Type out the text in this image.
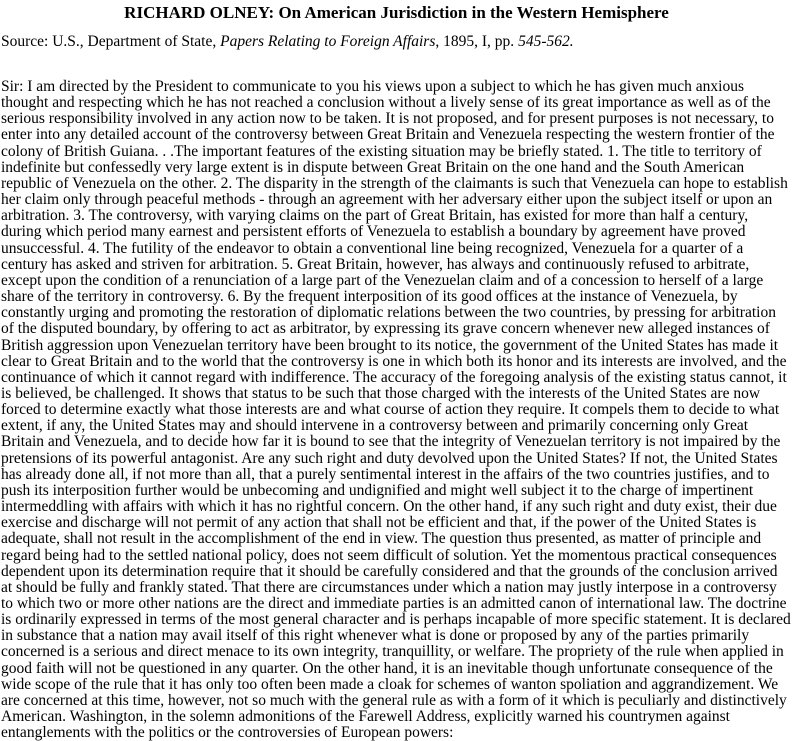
RICHARD OLNEY: On American Jurisdiction in the Western Hemisphere

Source: U.S., Department of State, Papers Relating to Foreign Affairs, 1895, I, pp. 545-562.

Sir: I am directed by the President to communicate to you his views upon a subject to which he has given much anxious thought and respecting which he has not reached a conclusion without a lively sense of its great importance as well as of the serious responsibility involved in any action now to be taken. It is not proposed, and for present purposes is not necessary, to enter into any detailed account of the controversy between Great Britain and Venezuela respecting the western frontier of the colony of British Guiana. . .The important features of the existing situation may be briefly stated. 1. The title to territory of indefinite but confessedly very large extent is in dispute between Great Britain on the one hand and the South American republic of Venezuela on the other. 2. The disparity in the strength of the claimants is such that Venezuela can hope to establish her claim only through peaceful methods - through an agreement with her adversary either upon the subject itself or upon an arbitration. 3. The controversy, with varying claims on the part of Great Britain, has existed for more than half a century, during which period many earnest and persistent efforts of Venezuela to establish a boundary by agreement have proved unsuccessful. 4. The futility of the endeavor to obtain a conventional line being recognized, Venezuela for a quarter of a century has asked and striven for arbitration. 5. Great Britain, however, has always and continuously refused to arbitrate, except upon the condition of a renunciation of a large part of the Venezuelan claim and of a concession to herself of a large share of the territory in controversy. 6. By the frequent interposition of its good offices at the instance of Venezuela, by constantly urging and promoting the restoration of diplomatic relations between the two countries, by pressing for arbitration of the disputed boundary, by offering to act as arbitrator, by expressing its grave concern whenever new alleged instances of British aggression upon Venezuelan territory have been brought to its notice, the government of the United States has made it clear to Great Britain and to the world that the controversy is one in which both its honor and its interests are involved, and the continuance of which it cannot regard with indifference. The accuracy of the foregoing analysis of the existing status cannot, it is believed, be challenged. It shows that status to be such that those charged with the interests of the United States are now forced to determine exactly what those interests are and what course of action they require. It compels them to decide to what extent, if any, the United States may and should intervene in a controversy between and primarily concerning only Great Britain and Venezuela, and to decide how far it is bound to see that the integrity of Venezuelan territory is not impaired by the pretensions of its powerful antagonist. Are any such right and duty devolved upon the United States? If not, the United States has already done all, if not more than all, that a purely sentimental interest in the affairs of the two countries justifies, and to push its interposition further would be unbecoming and undignified and might well subject it to the charge of impertinent intermeddling with affairs with which it has no rightful concern. On the other hand, if any such right and duty exist, their due exercise and discharge will not permit of any action that shall not be efficient and that, if the power of the United States is adequate, shall not result in the accomplishment of the end in view. The question thus presented, as matter of principle and regard being had to the settled national policy, does not seem difficult of solution. Yet the momentous practical consequences dependent upon its determination require that it should be carefully considered and that the grounds of the conclusion arrived at should be fully and frankly stated. That there are circumstances under which a nation may justly interpose in a controversy to which two or more other nations are the direct and immediate parties is an admitted canon of international law. The doctrine is ordinarily expressed in terms of the most general character and is perhaps incapable of more specific statement. It is declared in substance that a nation may avail itself of this right whenever what is done or proposed by any of the parties primarily concerned is a serious and direct menace to its own integrity, tranquillity, or welfare. The propriety of the rule when applied in good faith will not be questioned in any quarter. On the other hand, it is an inevitable though unfortunate consequence of the wide scope of the rule that it has only too often been made a cloak for schemes of wanton spoliation and aggrandizement. We are concerned at this time, however, not so much with the general rule as with a form of it which is peculiarly and distinctively American. Washington, in the solemn admonitions of the Farewell Address, explicitly warned his countrymen against entanglements with the politics or the controversies of European powers:
